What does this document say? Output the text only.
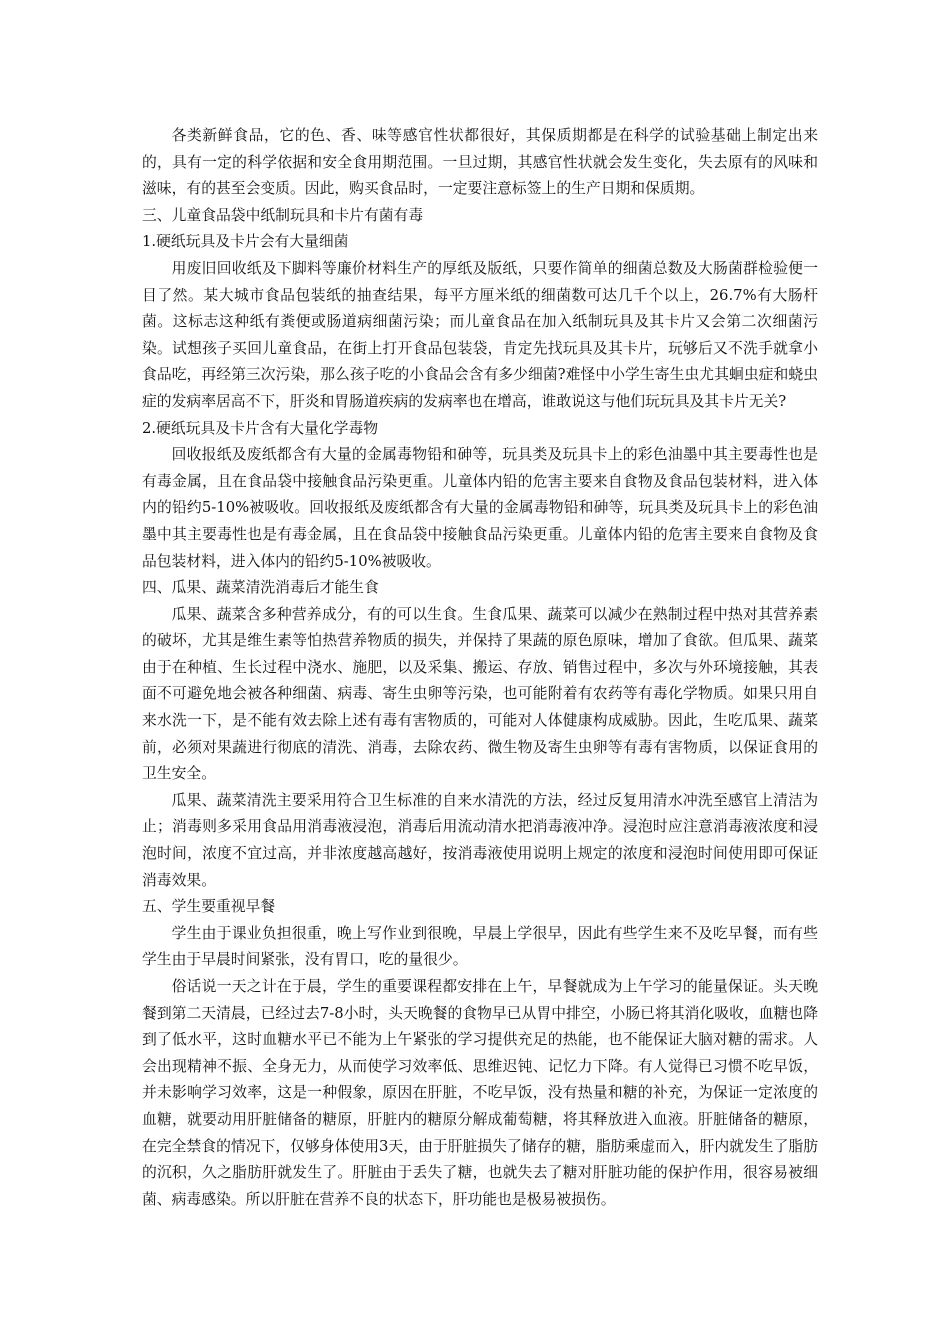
各类新鲜食品，它的色、香、味等感官性状都很好，其保质期都是在科学的试验基础上制定出来的，具有一定的科学依据和安全食用期范围。一旦过期，其感官性状就会发生变化，失去原有的风味和滋味，有的甚至会变质。因此，购买食品时，一定要注意标签上的生产日期和保质期。

三、儿童食品袋中纸制玩具和卡片有菌有毒

1.硬纸玩具及卡片会有大量细菌

用废旧回收纸及下脚料等廉价材料生产的厚纸及版纸，只要作简单的细菌总数及大肠菌群检验便一目了然。某大城市食品包装纸的抽查结果，每平方厘米纸的细菌数可达几千个以上，26.7%有大肠杆菌。这标志这种纸有粪便或肠道病细菌污染；而儿童食品在加入纸制玩具及其卡片又会第二次细菌污染。试想孩子买回儿童食品，在街上打开食品包装袋，肯定先找玩具及其卡片，玩够后又不洗手就拿小食品吃，再经第三次污染，那么孩子吃的小食品会含有多少细菌?难怪中小学生寄生虫尤其蛔虫症和蛲虫症的发病率居高不下，肝炎和胃肠道疾病的发病率也在增高，谁敢说这与他们玩玩具及其卡片无关?

2.硬纸玩具及卡片含有大量化学毒物

回收报纸及废纸都含有大量的金属毒物铅和砷等，玩具类及玩具卡上的彩色油墨中其主要毒性也是有毒金属，且在食品袋中接触食品污染更重。儿童体内铅的危害主要来自食物及食品包装材料，进入体内的铅约5-10%被吸收。回收报纸及废纸都含有大量的金属毒物铅和砷等，玩具类及玩具卡上的彩色油墨中其主要毒性也是有毒金属，且在食品袋中接触食品污染更重。儿童体内铅的危害主要来自食物及食品包装材料，进入体内的铅约5-10%被吸收。

四、瓜果、蔬菜清洗消毒后才能生食

瓜果、蔬菜含多种营养成分，有的可以生食。生食瓜果、蔬菜可以减少在熟制过程中热对其营养素的破坏，尤其是维生素等怕热营养物质的损失，并保持了果蔬的原色原味，增加了食欲。但瓜果、蔬菜由于在种植、生长过程中浇水、施肥，以及采集、搬运、存放、销售过程中，多次与外环境接触，其表面不可避免地会被各种细菌、病毒、寄生虫卵等污染，也可能附着有农药等有毒化学物质。如果只用自来水洗一下，是不能有效去除上述有毒有害物质的，可能对人体健康构成威胁。因此，生吃瓜果、蔬菜前，必须对果蔬进行彻底的清洗、消毒，去除农药、微生物及寄生虫卵等有毒有害物质，以保证食用的卫生安全。

瓜果、蔬菜清洗主要采用符合卫生标准的自来水清洗的方法，经过反复用清水冲洗至感官上清洁为止；消毒则多采用食品用消毒液浸泡，消毒后用流动清水把消毒液冲净。浸泡时应注意消毒液浓度和浸泡时间，浓度不宜过高，并非浓度越高越好，按消毒液使用说明上规定的浓度和浸泡时间使用即可保证消毒效果。

五、学生要重视早餐

学生由于课业负担很重，晚上写作业到很晚，早晨上学很早，因此有些学生来不及吃早餐，而有些学生由于早晨时间紧张，没有胃口，吃的量很少。

俗话说一天之计在于晨，学生的重要课程都安排在上午，早餐就成为上午学习的能量保证。头天晚餐到第二天清晨，已经过去7-8小时，头天晚餐的食物早已从胃中排空，小肠已将其消化吸收，血糖也降到了低水平，这时血糖水平已不能为上午紧张的学习提供充足的热能，也不能保证大脑对糖的需求。人会出现精神不振、全身无力，从而使学习效率低、思维迟钝、记忆力下降。有人觉得已习惯不吃早饭，并未影响学习效率，这是一种假象，原因在肝脏，不吃早饭，没有热量和糖的补充，为保证一定浓度的血糖，就要动用肝脏储备的糖原，肝脏内的糖原分解成葡萄糖，将其释放进入血液。肝脏储备的糖原，在完全禁食的情况下，仅够身体使用3天，由于肝脏损失了储存的糖，脂肪乘虚而入，肝内就发生了脂肪的沉积，久之脂肪肝就发生了。肝脏由于丢失了糖，也就失去了糖对肝脏功能的保护作用，很容易被细菌、病毒感染。所以肝脏在营养不良的状态下，肝功能也是极易被损伤。
